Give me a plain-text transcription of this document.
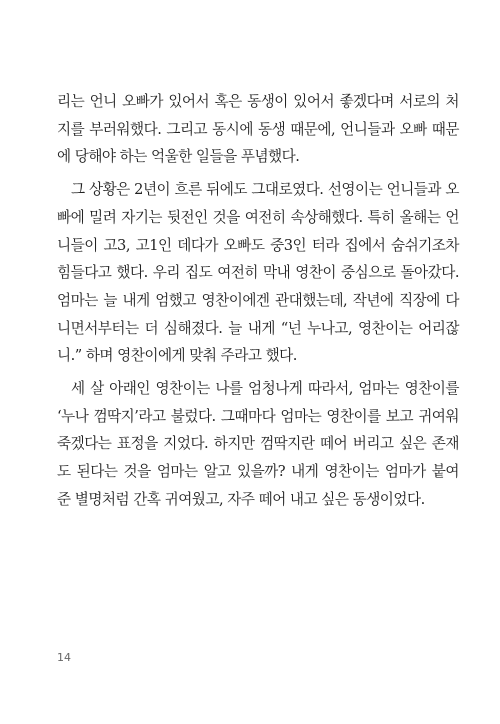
리는 언니 오빠가 있어서 혹은 동생이 있어서 좋겠다며 서로의 처지를 부러워했다. 그리고 동시에 동생 때문에, 언니들과 오빠 때문에 당해야 하는 억울한 일들을 푸념했다.

그 상황은 2년이 흐른 뒤에도 그대로였다. 선영이는 언니들과 오빠에 밀려 자기는 뒷전인 것을 여전히 속상해했다. 특히 올해는 언니들이 고3, 고1인 데다가 오빠도 중3인 터라 집에서 숨쉬기조차 힘들다고 했다. 우리 집도 여전히 막내 영찬이 중심으로 돌아갔다. 엄마는 늘 내게 엄했고 영찬이에겐 관대했는데, 작년에 직장에 다니면서부터는 더 심해졌다. 늘 내게 “넌 누나고, 영찬이는 어리잖니.” 하며 영찬이에게 맞춰 주라고 했다.

세 살 아래인 영찬이는 나를 엄청나게 따라서, 엄마는 영찬이를 ‘누나 껌딱지’라고 불렀다. 그때마다 엄마는 영찬이를 보고 귀여워 죽겠다는 표정을 지었다. 하지만 껌딱지란 떼어 버리고 싶은 존재도 된다는 것을 엄마는 알고 있을까? 내게 영찬이는 엄마가 붙여 준 별명처럼 간혹 귀여웠고, 자주 떼어 내고 싶은 동생이었다.

14
